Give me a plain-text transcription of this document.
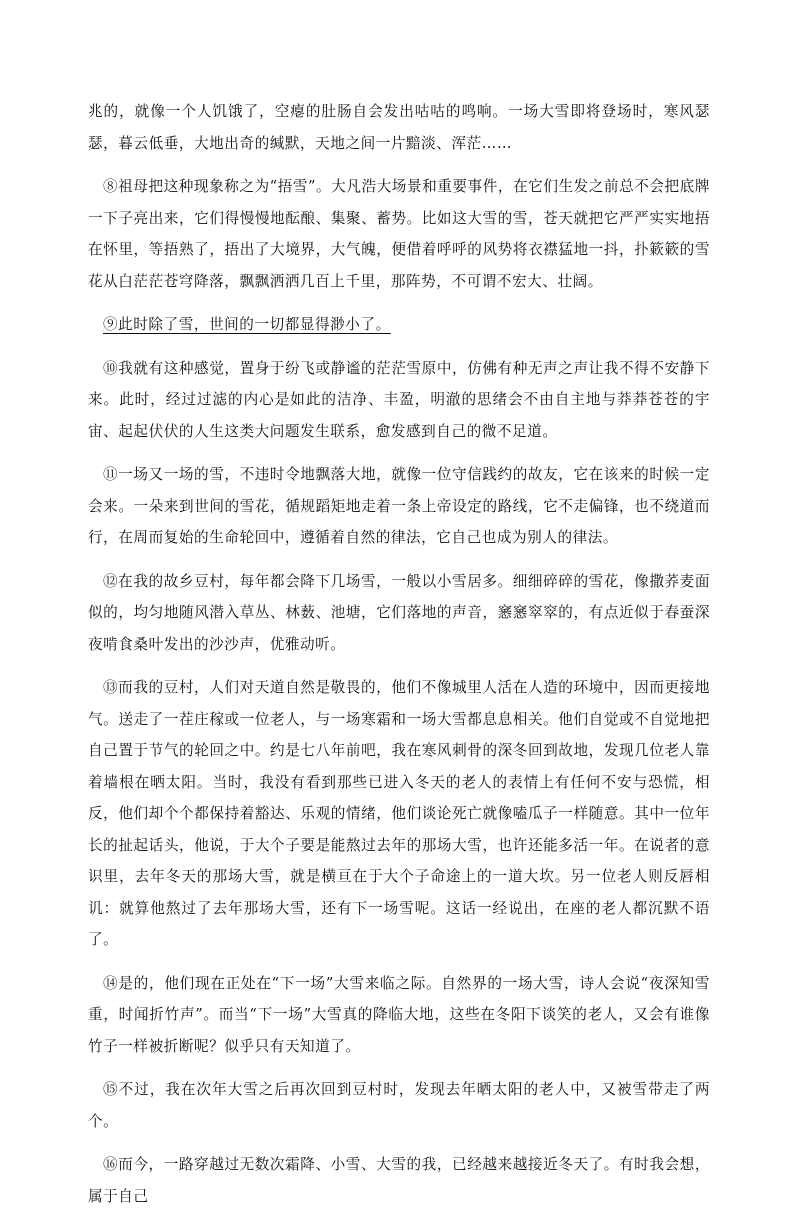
兆的，就像一个人饥饿了，空瘪的肚肠自会发出咕咕的鸣响。一场大雪即将登场时，寒风瑟瑟，暮云低垂，大地出奇的缄默，天地之间一片黯淡、浑茫……

⑧祖母把这种现象称之为“捂雪”。大凡浩大场景和重要事件，在它们生发之前总不会把底牌一下子亮出来，它们得慢慢地酝酿、集聚、蓄势。比如这大雪的雪，苍天就把它严严实实地捂在怀里，等捂熟了，捂出了大境界，大气魄，便借着呼呼的风势将衣襟猛地一抖，扑簌簌的雪花从白茫茫苍穹降落，飘飘洒洒几百上千里，那阵势，不可谓不宏大、壮阔。

⑨此时除了雪，世间的一切都显得渺小了。

⑩我就有这种感觉，置身于纷飞或静谧的茫茫雪原中，仿佛有种无声之声让我不得不安静下来。此时，经过过滤的内心是如此的洁净、丰盈，明澈的思绪会不由自主地与莽莽苍苍的宇宙、起起伏伏的人生这类大问题发生联系，愈发感到自己的微不足道。

⑪一场又一场的雪，不违时令地飘落大地，就像一位守信践约的故友，它在该来的时候一定会来。一朵来到世间的雪花，循规蹈矩地走着一条上帝设定的路线，它不走偏锋，也不绕道而行，在周而复始的生命轮回中，遵循着自然的律法，它自己也成为别人的律法。

⑫在我的故乡豆村，每年都会降下几场雪，一般以小雪居多。细细碎碎的雪花，像撒荞麦面似的，均匀地随风潜入草丛、林薮、池塘，它们落地的声音，窸窸窣窣的，有点近似于春蚕深夜啃食桑叶发出的沙沙声，优雅动听。

⑬而我的豆村，人们对天道自然是敬畏的，他们不像城里人活在人造的环境中，因而更接地气。送走了一茬庄稼或一位老人，与一场寒霜和一场大雪都息息相关。他们自觉或不自觉地把自己置于节气的轮回之中。约是七八年前吧，我在寒风刺骨的深冬回到故地，发现几位老人靠着墙根在晒太阳。当时，我没有看到那些已进入冬天的老人的表情上有任何不安与恐慌，相反，他们却个个都保持着豁达、乐观的情绪，他们谈论死亡就像嗑瓜子一样随意。其中一位年长的扯起话头，他说，于大个子要是能熬过去年的那场大雪，也许还能多活一年。在说者的意识里，去年冬天的那场大雪，就是横亘在于大个子命途上的一道大坎。另一位老人则反唇相讥：就算他熬过了去年那场大雪，还有下一场雪呢。这话一经说出，在座的老人都沉默不语了。

⑭是的，他们现在正处在“下一场”大雪来临之际。自然界的一场大雪，诗人会说“夜深知雪重，时闻折竹声”。而当“下一场”大雪真的降临大地，这些在冬阳下谈笑的老人，又会有谁像竹子一样被折断呢？似乎只有天知道了。

⑮不过，我在次年大雪之后再次回到豆村时，发现去年晒太阳的老人中，又被雪带走了两个。

⑯而今，一路穿越过无数次霜降、小雪、大雪的我，已经越来越接近冬天了。有时我会想，属于自己
